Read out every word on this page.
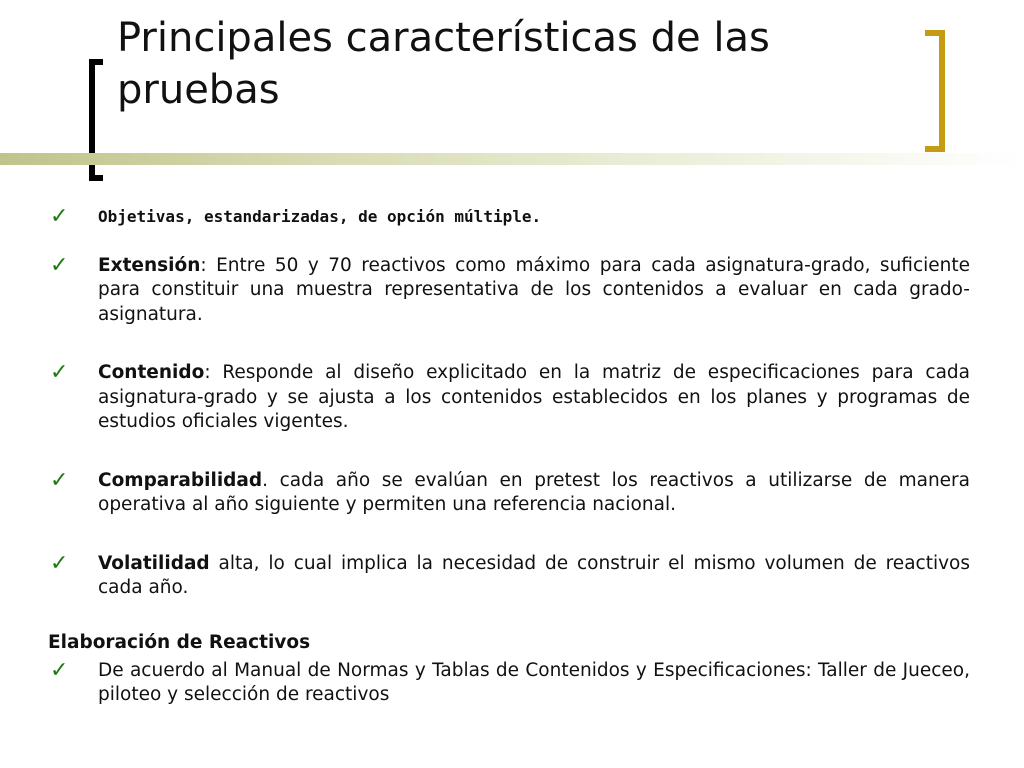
Principales características de las pruebas
✓	Objetivas, estandarizadas, de opción múltiple.
✓	Extensión: Entre 50 y 70 reactivos como máximo para cada asignatura-grado, suficiente para constituir una muestra representativa de los contenidos a evaluar en cada grado-asignatura.
✓	Contenido: Responde al diseño explicitado en la matriz de especificaciones para cada asignatura-grado y se ajusta a los contenidos establecidos en los planes y programas de estudios oficiales vigentes.
✓	Comparabilidad. cada año se evalúan en pretest los reactivos a utilizarse de manera operativa al año siguiente y permiten una referencia nacional.
✓	Volatilidad alta, lo cual implica la necesidad de construir el mismo volumen de reactivos cada año.
Elaboración de Reactivos
✓	De acuerdo al Manual de Normas y Tablas de Contenidos y Especificaciones: Taller de Jueceo, piloteo y selección de reactivos
